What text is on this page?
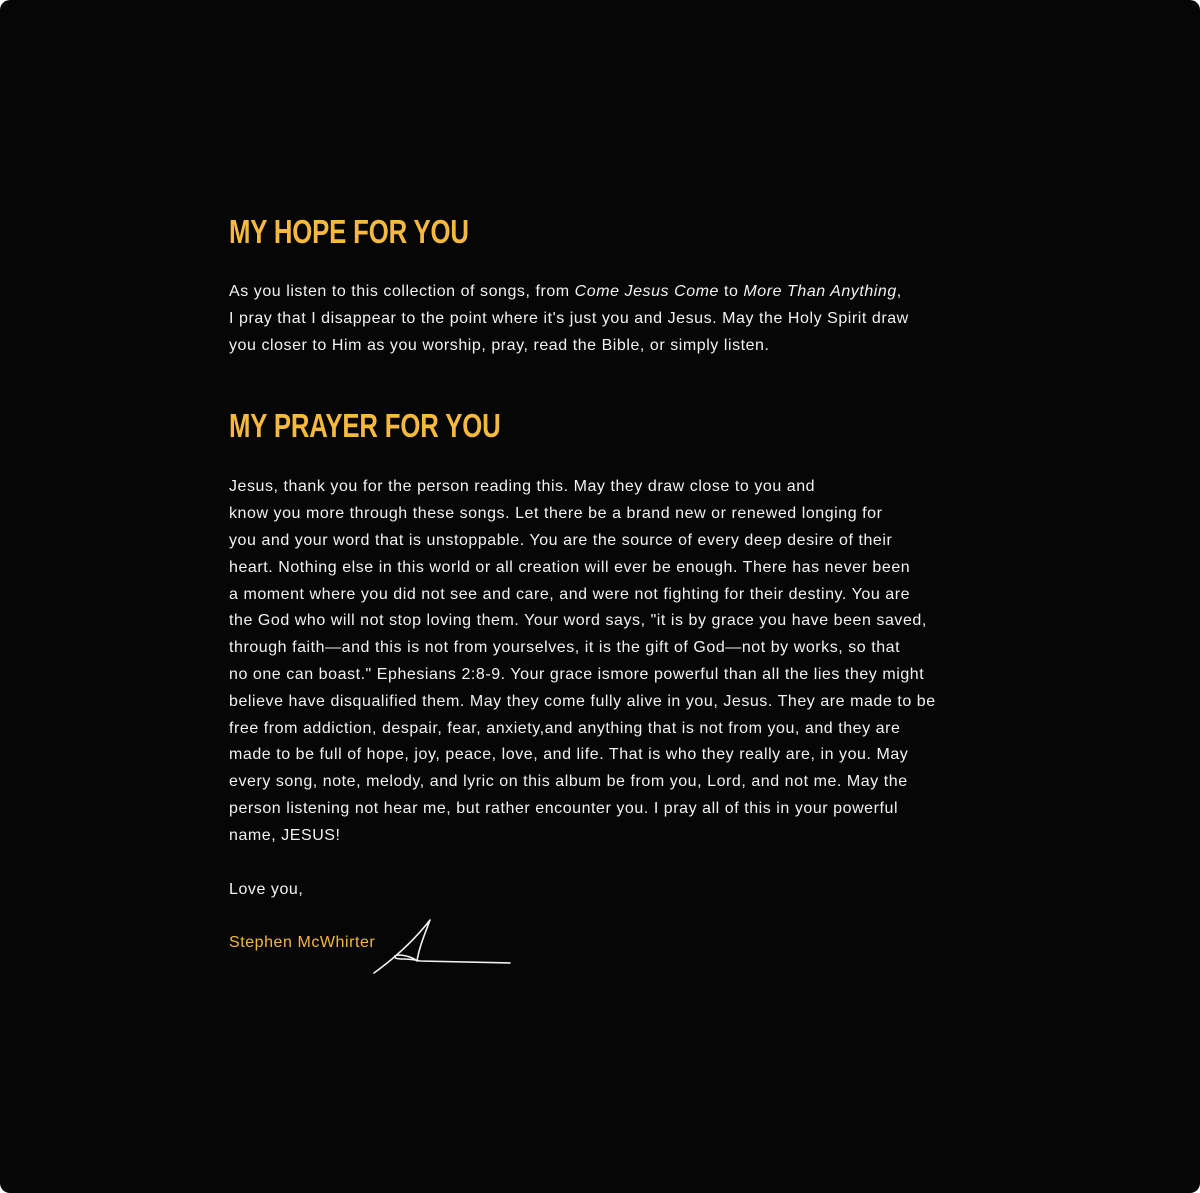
MY HOPE FOR YOU

As you listen to this collection of songs, from Come Jesus Come to More Than Anything,
I pray that I disappear to the point where it's just you and Jesus. May the Holy Spirit draw
you closer to Him as you worship, pray, read the Bible, or simply listen.

MY PRAYER FOR YOU

Jesus, thank you for the person reading this. May they draw close to you and
know you more through these songs. Let there be a brand new or renewed longing for
you and your word that is unstoppable. You are the source of every deep desire of their
heart. Nothing else in this world or all creation will ever be enough. There has never been
a moment where you did not see and care, and were not fighting for their destiny. You are
the God who will not stop loving them. Your word says, "it is by grace you have been saved,
through faith—and this is not from yourselves, it is the gift of God—not by works, so that
no one can boast." Ephesians 2:8-9. Your grace ismore powerful than all the lies they might
believe have disqualified them. May they come fully alive in you, Jesus. They are made to be
free from addiction, despair, fear, anxiety,and anything that is not from you, and they are
made to be full of hope, joy, peace, love, and life. That is who they really are, in you. May
every song, note, melody, and lyric on this album be from you, Lord, and not me. May the
person listening not hear me, but rather encounter you. I pray all of this in your powerful
name, JESUS!

Love you,
Stephen McWhirter
